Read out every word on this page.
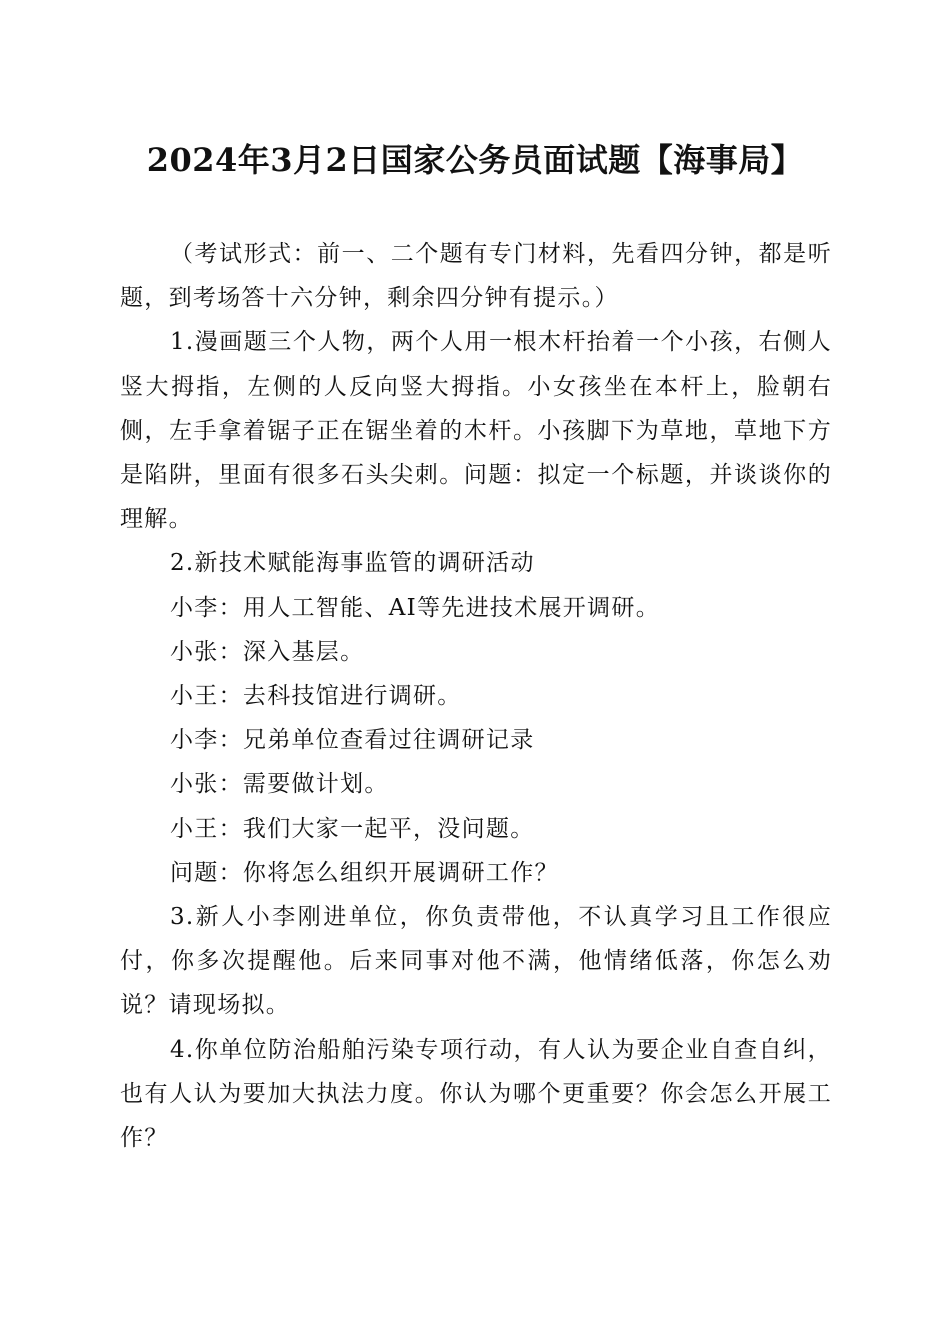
2024年3月2日国家公务员面试题【海事局】

（考试形式：前一、二个题有专门材料，先看四分钟，都是听题，到考场答十六分钟，剩余四分钟有提示。）

1.漫画题三个人物，两个人用一根木杆抬着一个小孩，右侧人竖大拇指，左侧的人反向竖大拇指。小女孩坐在本杆上，脸朝右侧，左手拿着锯子正在锯坐着的木杆。小孩脚下为草地，草地下方是陷阱，里面有很多石头尖刺。问题：拟定一个标题，并谈谈你的理解。

2.新技术赋能海事监管的调研活动

小李：用人工智能、AI等先进技术展开调研。

小张：深入基层。

小王：去科技馆进行调研。

小李：兄弟单位查看过往调研记录

小张：需要做计划。

小王：我们大家一起平，没问题。

问题：你将怎么组织开展调研工作？

3.新人小李刚进单位，你负责带他，不认真学习且工作很应付，你多次提醒他。后来同事对他不满，他情绪低落，你怎么劝说？请现场拟。

4.你单位防治船舶污染专项行动，有人认为要企业自查自纠，也有人认为要加大执法力度。你认为哪个更重要？你会怎么开展工作？
